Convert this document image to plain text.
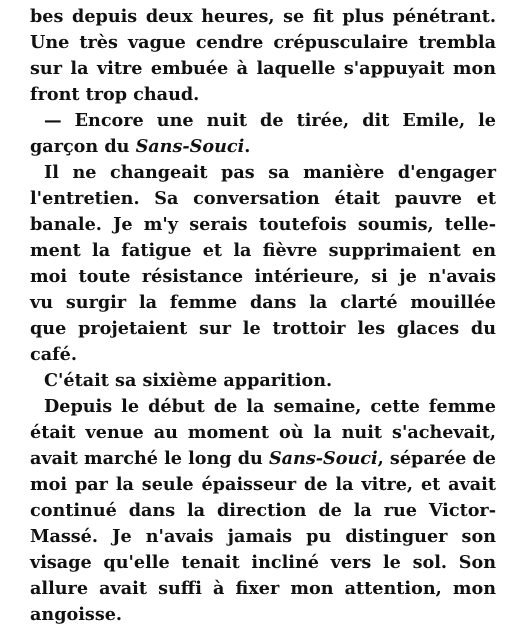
bes depuis deux heures, se fit plus pénétrant.
Une très vague cendre crépusculaire trembla
sur la vitre embuée à laquelle s'appuyait mon
front trop chaud.
— Encore une nuit de tirée, dit Emile, le
garçon du Sans-Souci.
Il ne changeait pas sa manière d'engager
l'entretien. Sa conversation était pauvre et
banale. Je m'y serais toutefois soumis, telle-
ment la fatigue et la fièvre supprimaient en
moi toute résistance intérieure, si je n'avais
vu surgir la femme dans la clarté mouillée
que projetaient sur le trottoir les glaces du
café.
C'était sa sixième apparition.
Depuis le début de la semaine, cette femme
était venue au moment où la nuit s'achevait,
avait marché le long du Sans-Souci, séparée de
moi par la seule épaisseur de la vitre, et avait
continué dans la direction de la rue Victor-
Massé. Je n'avais jamais pu distinguer son
visage qu'elle tenait incliné vers le sol. Son
allure avait suffi à fixer mon attention, mon
angoisse.
